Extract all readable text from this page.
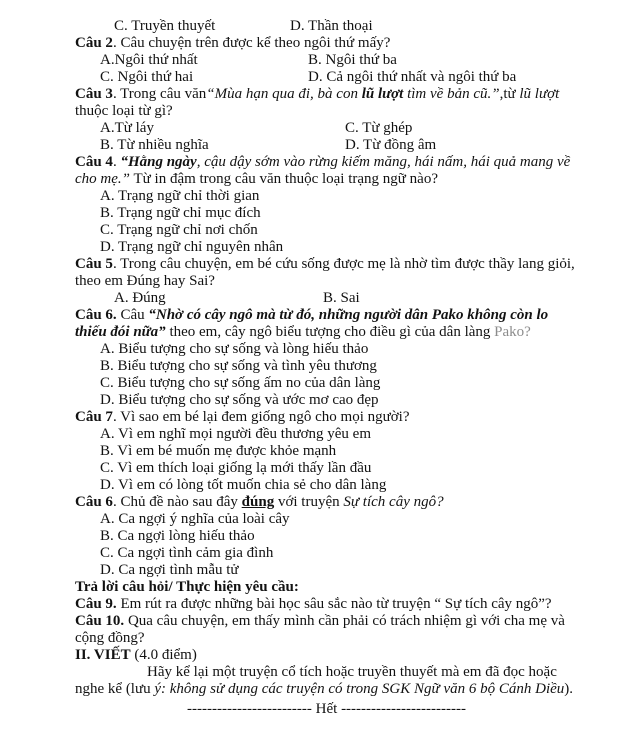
C. Truyền thuyết	D. Thần thoại

Câu 2. Câu chuyện trên được kể theo ngôi thứ mấy?

A.Ngôi thứ nhất	B. Ngôi thứ ba
C. Ngôi thứ hai	D. Cả ngôi thứ nhất và ngôi thứ ba

Câu 3. Trong câu văn“Mùa hạn qua đi, bà con lũ lượt tìm về bản cũ.”,từ lũ lượt thuộc loại từ gì?

A.Từ láy	C. Từ ghép
B. Từ nhiều nghĩa	D. Từ đồng âm

Câu 4. “Hằng ngày, cậu dậy sớm vào rừng kiếm măng, hái nấm, hái quả mang về cho mẹ.” Từ in đậm trong câu văn thuộc loại trạng ngữ nào?

A. Trạng ngữ chỉ thời gian

B. Trạng ngữ chỉ mục đích

C. Trạng ngữ chỉ nơi chốn

D. Trạng ngữ chỉ nguyên nhân

Câu 5. Trong câu chuyện, em bé cứu sống được mẹ là nhờ tìm được thầy lang giỏi, theo em Đúng hay Sai?

A. Đúng	B. Sai

Câu 6. Câu “Nhờ có cây ngô mà từ đó, những người dân Pako không còn lo thiếu đói nữa” theo em, cây ngô biểu tượng cho điều gì của dân làng Pako?

A. Biểu tượng cho sự sống và lòng hiếu thảo

B. Biểu tượng cho sự sống và tình yêu thương

C. Biểu tượng cho sự sống ấm no của dân làng

D. Biểu tượng cho sự sống và ước mơ cao đẹp

Câu 7. Vì sao em bé lại đem giống ngô cho mọi người?

A. Vì em nghĩ mọi người đều thương yêu em

B. Vì em bé muốn mẹ được khỏe mạnh

C. Vì em thích loại giống lạ mới thấy lần đầu

D. Vì em có lòng tốt muốn chia sẻ cho dân làng

Câu 6. Chủ đề nào sau đây đúng với truyện Sự tích cây ngô?

A. Ca ngợi ý nghĩa của loài cây

B. Ca ngợi lòng hiếu thảo

C. Ca ngợi tình cảm gia đình

D. Ca ngợi tình mẫu tử

Trả lời câu hỏi/ Thực hiện yêu cầu:

Câu 9. Em rút ra được những bài học sâu sắc nào từ truyện “ Sự tích cây ngô”?

Câu 10. Qua câu chuyện, em thấy mình cần phải có trách nhiệm gì với cha mẹ và cộng đồng?

II. VIẾT (4.0 điểm)

Hãy kể lại một truyện cổ tích hoặc truyền thuyết mà em đã đọc hoặc nghe kể (lưu ý: không sử dụng các truyện có trong SGK Ngữ văn 6 bộ Cánh Diều).

------------------------- Hết -------------------------
